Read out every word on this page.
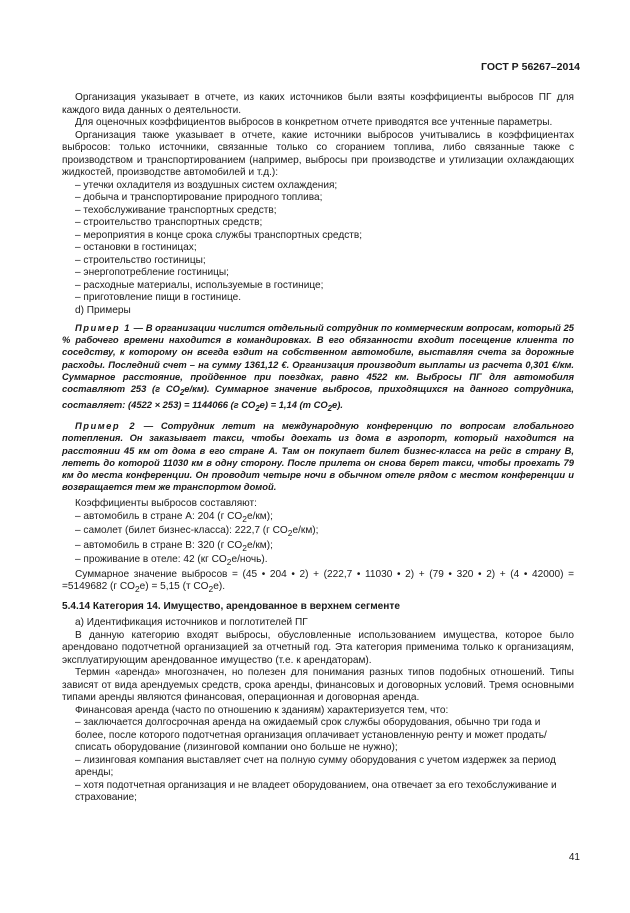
ГОСТ Р 56267–2014

Организация указывает в отчете, из каких источников были взяты коэффициенты выбросов ПГ для каждого вида данных о деятельности.

Для оценочных коэффициентов выбросов в конкретном отчете приводятся все учтенные параметры.

Организация также указывает в отчете, какие источники выбросов учитывались в коэффициентах выбросов: только источники, связанные только со сгоранием топлива, либо связанные также с производством и транспортированием (например, выбросы при производстве и утилизации охлаждающих жидкостей, производстве автомобилей и т.д.):

– утечки охладителя из воздушных систем охлаждения;
– добыча и транспортирование природного топлива;
– техобслуживание транспортных средств;
– строительство транспортных средств;
– мероприятия в конце срока службы транспортных средств;
– остановки в гостиницах;
– строительство гостиницы;
– энергопотребление гостиницы;
– расходные материалы, используемые в гостинице;
– приготовление пищи в гостинице.

d) Примеры

Пример 1 — В организации числится отдельный сотрудник по коммерческим вопросам, который 25 % рабочего времени находится в командировках. В его обязанности входит посещение клиента по соседству, к которому он всегда ездит на собственном автомобиле, выставляя счета за дорожные расходы. Последний счет – на сумму 1361,12 €. Организация производит выплаты из расчета 0,301 €/км. Суммарное расстояние, пройденное при поездках, равно 4522 км. Выбросы ПГ для автомобиля составляют 253 (г $CO_2е/км$). Суммарное значение выбросов, приходящихся на данного сотрудника, составляет: (4522 × 253) = 1144066 (г $CO_2е) = 1,14$ (т $CO_2е$).

Пример 2 — Сотрудник летит на международную конференцию по вопросам глобального потепления. Он заказывает такси, чтобы доехать из дома в аэропорт, который находится на расстоянии 45 км от дома в его стране А. Там он покупает билет бизнес-класса на рейс в страну В, лететь до которой 11030 км в одну сторону. После прилета он снова берет такси, чтобы проехать 79 км до места конференции. Он проводит четыре ночи в обычном отеле рядом с местом конференции и возвращается тем же транспортом домой.

Коэффициенты выбросов составляют:

– автомобиль в стране А: 204 (г $CO_2е/км$);
– самолет (билет бизнес-класса): 222,7 (г $CO_2е/км$);
– автомобиль в стране В: 320 (г $CO_2е/км$);
– проживание в отеле: 42 (кг $CO_2е/ночь$).

Суммарное значение выбросов = (45 • 204 • 2) + (222,7 • 11030 • 2) + (79 • 320 • 2) + (4 • 42000) = =5149682 (г $CO_2е) = 5,15$ (т $CO_2е$).

5.4.14 Категория 14. Имущество, арендованное в верхнем сегменте

а) Идентификация источников и поглотителей ПГ

В данную категорию входят выбросы, обусловленные использованием имущества, которое было арендовано подотчетной организацией за отчетный год. Эта категория применима только к организациям, эксплуатирующим арендованное имущество (т.е. к арендаторам).

Термин «аренда» многозначен, но полезен для понимания разных типов подобных отношений. Типы зависят от вида арендуемых средств, срока аренды, финансовых и договорных условий. Тремя основными типами аренды являются финансовая, операционная и договорная аренда.

Финансовая аренда (часто по отношению к зданиям) характеризуется тем, что:

– заключается долгосрочная аренда на ожидаемый срок службы оборудования, обычно три года и более, после которого подотчетная организация оплачивает установленную ренту и может продать/списать оборудование (лизинговой компании оно больше не нужно);
– лизинговая компания выставляет счет на полную сумму оборудования с учетом издержек за период аренды;
– хотя подотчетная организация и не владеет оборудованием, она отвечает за его техобслуживание и страхование;
41
